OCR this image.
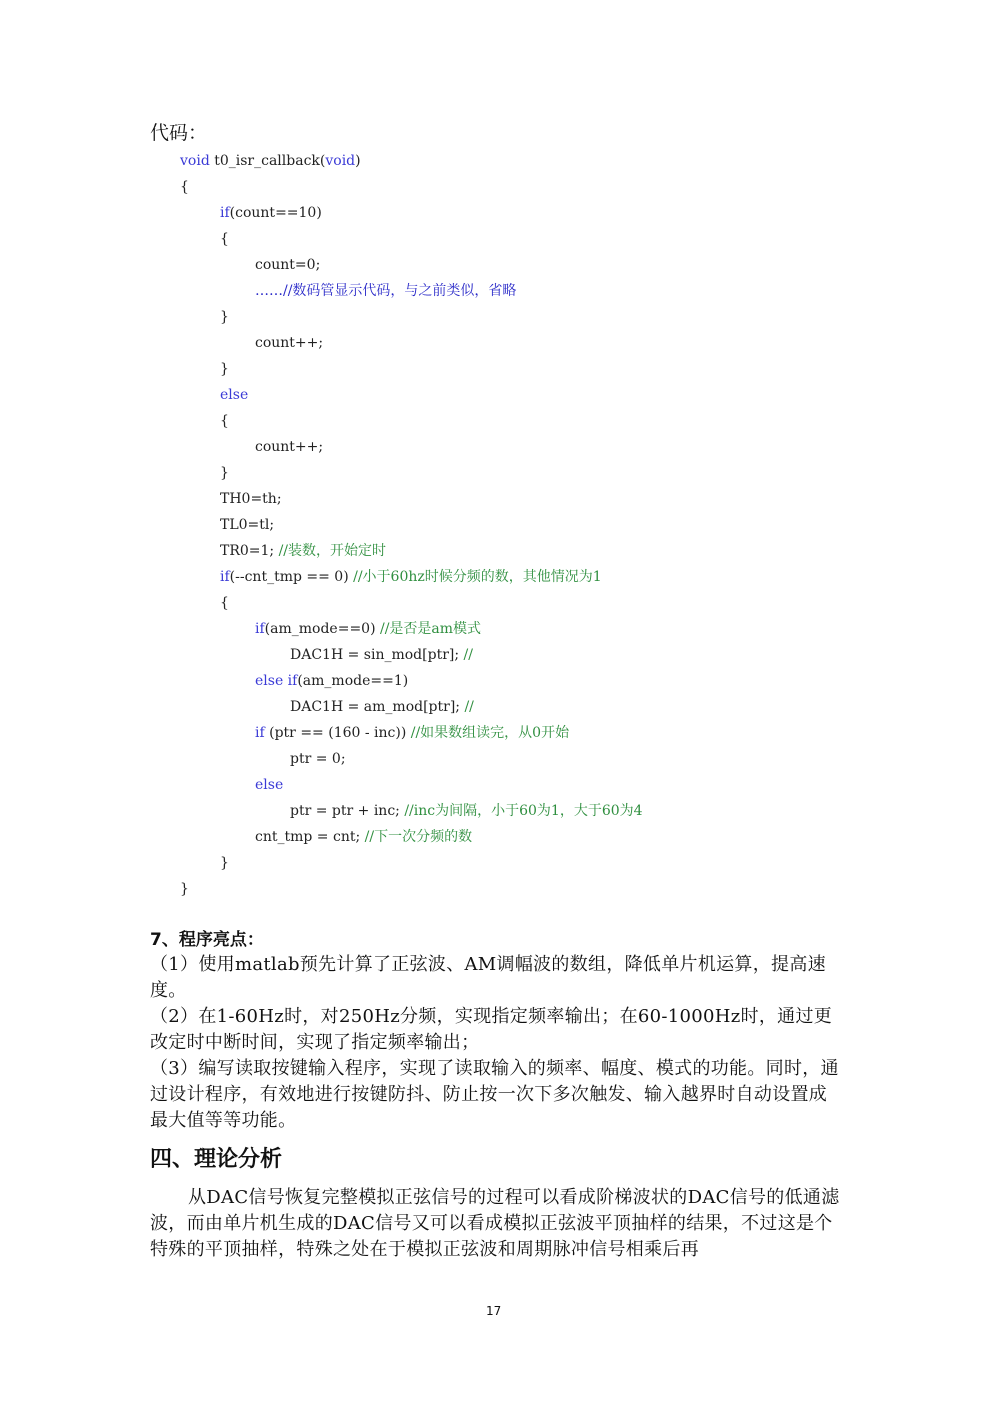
代码：
void t0_isr_callback(void)
{
if(count==10)
{
count=0;
……//数码管显示代码，与之前类似，省略
}
count++;
}
else
{
count++;
}
TH0=th;
TL0=tl;
TR0=1; //装数，开始定时
if(--cnt_tmp == 0) //小于60hz时候分频的数，其他情况为1
{
if(am_mode==0) //是否是am模式
DAC1H = sin_mod[ptr]; //
else if(am_mode==1)
DAC1H = am_mod[ptr]; //
if (ptr == (160 - inc)) //如果数组读完，从0开始
ptr = 0;
else
ptr = ptr + inc; //inc为间隔，小于60为1，大于60为4
cnt_tmp = cnt; //下一次分频的数
}
}
7、程序亮点：
（1）使用matlab预先计算了正弦波、AM调幅波的数组，降低单片机运算，提高速度。
（2）在1-60Hz时，对250Hz分频，实现指定频率输出；在60-1000Hz时，通过更改定时中断时间，实现了指定频率输出；
（3）编写读取按键输入程序，实现了读取输入的频率、幅度、模式的功能。同时，通过设计程序，有效地进行按键防抖、防止按一次下多次触发、输入越界时自动设置成最大值等等功能。
四、理论分析
从DAC信号恢复完整模拟正弦信号的过程可以看成阶梯波状的DAC信号的低通滤波，而由单片机生成的DAC信号又可以看成模拟正弦波平顶抽样的结果，不过这是个特殊的平顶抽样，特殊之处在于模拟正弦波和周期脉冲信号相乘后再
17
